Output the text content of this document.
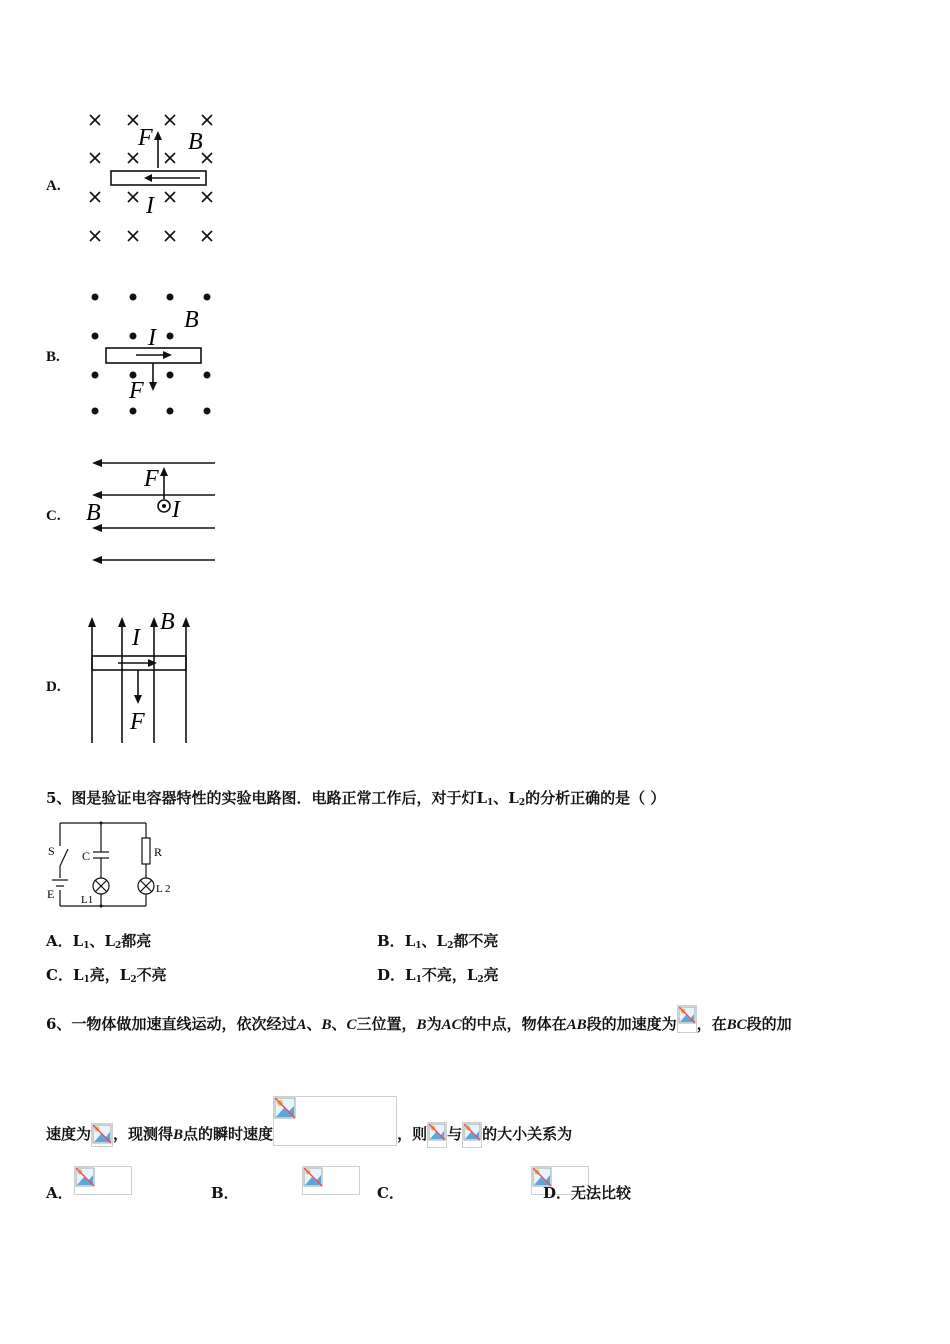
A.
F B
I
B.
I
B
F
C.
F
B	I
D.
I
B
F
5、图是验证电容器特性的实验电路图．电路正常工作后，对于灯$L_1$、$L_2$的分析正确的是（ ）
S C	R
E L1
L 2
A．$L_1$、$L_2$都亮	B．$L_1$、$L_2$都不亮
C．$L_1$亮，$L_2$不亮	D．$L_1$不亮，$L_2$亮
6、一物体做加速直线运动，依次经过A、B、C三位置，B为AC的中点，物体在AB段的加速度为 ，在BC段的加
速度为 ，现测得B点的瞬时速度	，则 与 的大小关系为
A．
	B．
	C．	D．无法比较
